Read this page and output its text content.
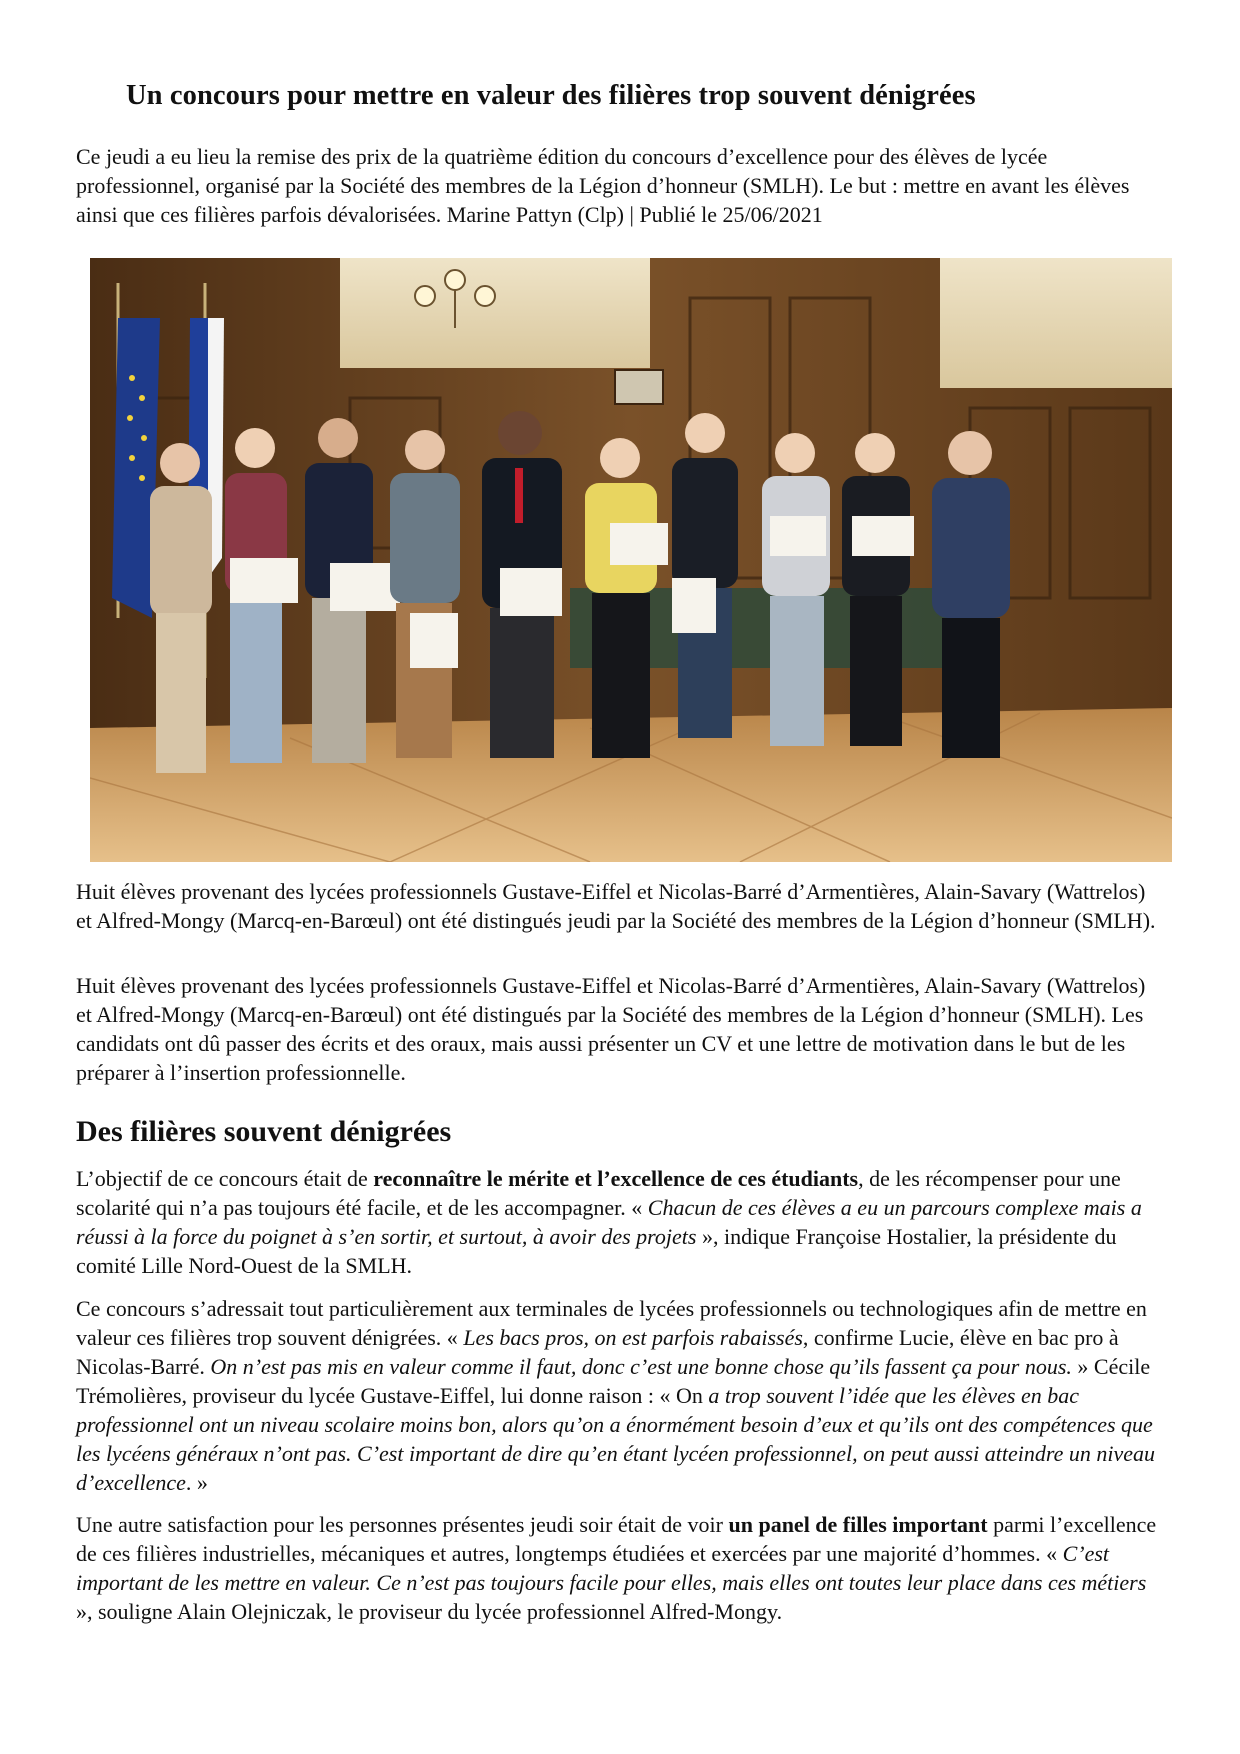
Un concours pour mettre en valeur des filières trop souvent dénigrées

Ce jeudi a eu lieu la remise des prix de la quatrième édition du concours d’excellence pour des élèves de lycée professionnel, organisé par la Société des membres de la Légion d’honneur (SMLH). Le but : mettre en avant les élèves ainsi que ces filières parfois dévalorisées. Marine Pattyn (Clp) | Publié le 25/06/2021

Huit élèves provenant des lycées professionnels Gustave-Eiffel et Nicolas-Barré d’Armentières, Alain-Savary (Wattrelos) et Alfred-Mongy (Marcq-en-Barœul) ont été distingués jeudi par la Société des membres de la Légion d’honneur (SMLH).

Huit élèves provenant des lycées professionnels Gustave-Eiffel et Nicolas-Barré d’Armentières, Alain-Savary (Wattrelos) et Alfred-Mongy (Marcq-en-Barœul) ont été distingués par la Société des membres de la Légion d’honneur (SMLH). Les candidats ont dû passer des écrits et des oraux, mais aussi présenter un CV et une lettre de motivation dans le but de les préparer à l’insertion professionnelle.

Des filières souvent dénigrées

L’objectif de ce concours était de reconnaître le mérite et l’excellence de ces étudiants, de les récompenser pour une scolarité qui n’a pas toujours été facile, et de les accompagner. « Chacun de ces élèves a eu un parcours complexe mais a réussi à la force du poignet à s’en sortir, et surtout, à avoir des projets », indique Françoise Hostalier, la présidente du comité Lille Nord-Ouest de la SMLH.

Ce concours s’adressait tout particulièrement aux terminales de lycées professionnels ou technologiques afin de mettre en valeur ces filières trop souvent dénigrées. « Les bacs pros, on est parfois rabaissés, confirme Lucie, élève en bac pro à Nicolas-Barré. On n’est pas mis en valeur comme il faut, donc c’est une bonne chose qu’ils fassent ça pour nous. » Cécile Trémolières, proviseur du lycée Gustave-Eiffel, lui donne raison : « On a trop souvent l’idée que les élèves en bac professionnel ont un niveau scolaire moins bon, alors qu’on a énormément besoin d’eux et qu’ils ont des compétences que les lycéens généraux n’ont pas. C’est important de dire qu’en étant lycéen professionnel, on peut aussi atteindre un niveau d’excellence. »

Une autre satisfaction pour les personnes présentes jeudi soir était de voir un panel de filles important parmi l’excellence de ces filières industrielles, mécaniques et autres, longtemps étudiées et exercées par une majorité d’hommes. « C’est important de les mettre en valeur. Ce n’est pas toujours facile pour elles, mais elles ont toutes leur place dans ces métiers », souligne Alain Olejniczak, le proviseur du lycée professionnel Alfred-Mongy.
